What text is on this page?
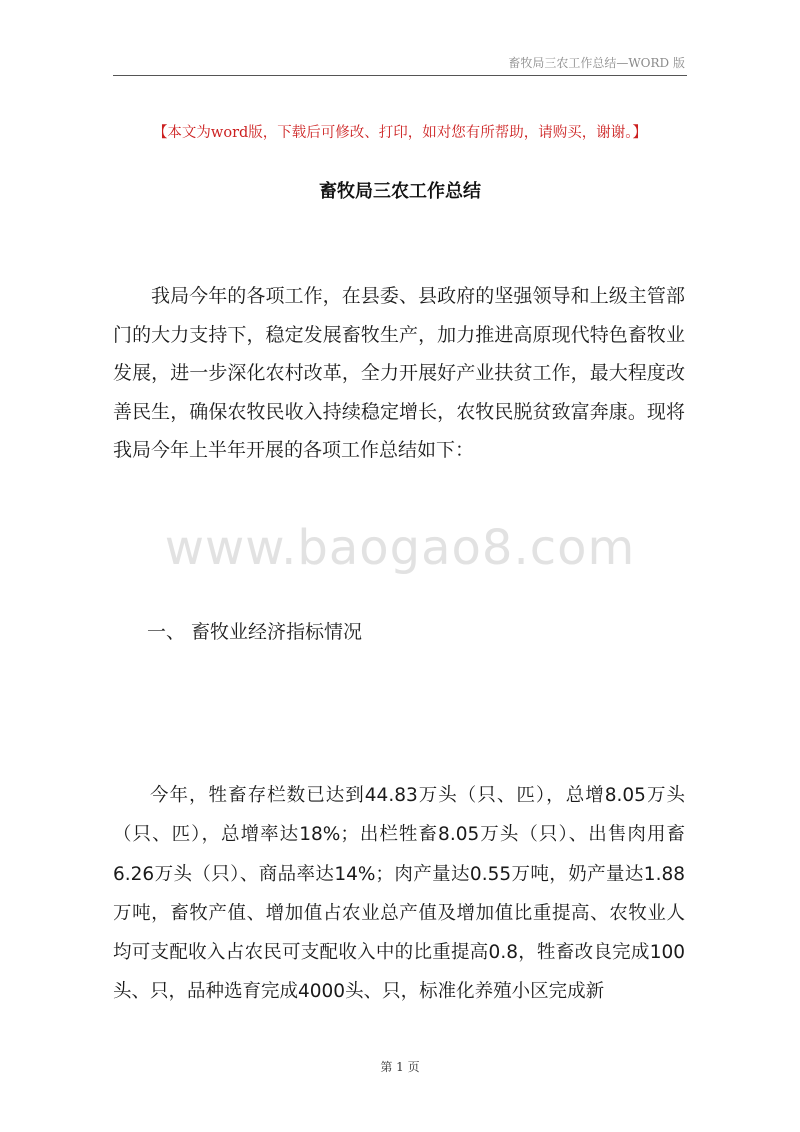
畜牧局三农工作总结—WORD 版
【本文为word版，下载后可修改、打印，如对您有所帮助，请购买，谢谢。】
畜牧局三农工作总结

我局今年的各项工作，在县委、县政府的坚强领导和上级主管部门的大力支持下，稳定发展畜牧生产，加力推进高原现代特色畜牧业发展，进一步深化农村改革，全力开展好产业扶贫工作，最大程度改善民生，确保农牧民收入持续稳定增长，农牧民脱贫致富奔康。现将我局今年上半年开展的各项工作总结如下：

www.baogao8.com

一、 畜牧业经济指标情况

今年，牲畜存栏数已达到44.83万头（只、匹），总增8.05万头（只、匹），总增率达18%；出栏牲畜8.05万头（只）、出售肉用畜6.26万头（只）、商品率达14%；肉产量达0.55万吨，奶产量达1.88万吨，畜牧产值、增加值占农业总产值及增加值比重提高、农牧业人均可支配收入占农民可支配收入中的比重提高0.8，牲畜改良完成100头、只，品种选育完成4000头、只，标准化养殖小区完成新

第 1 页
